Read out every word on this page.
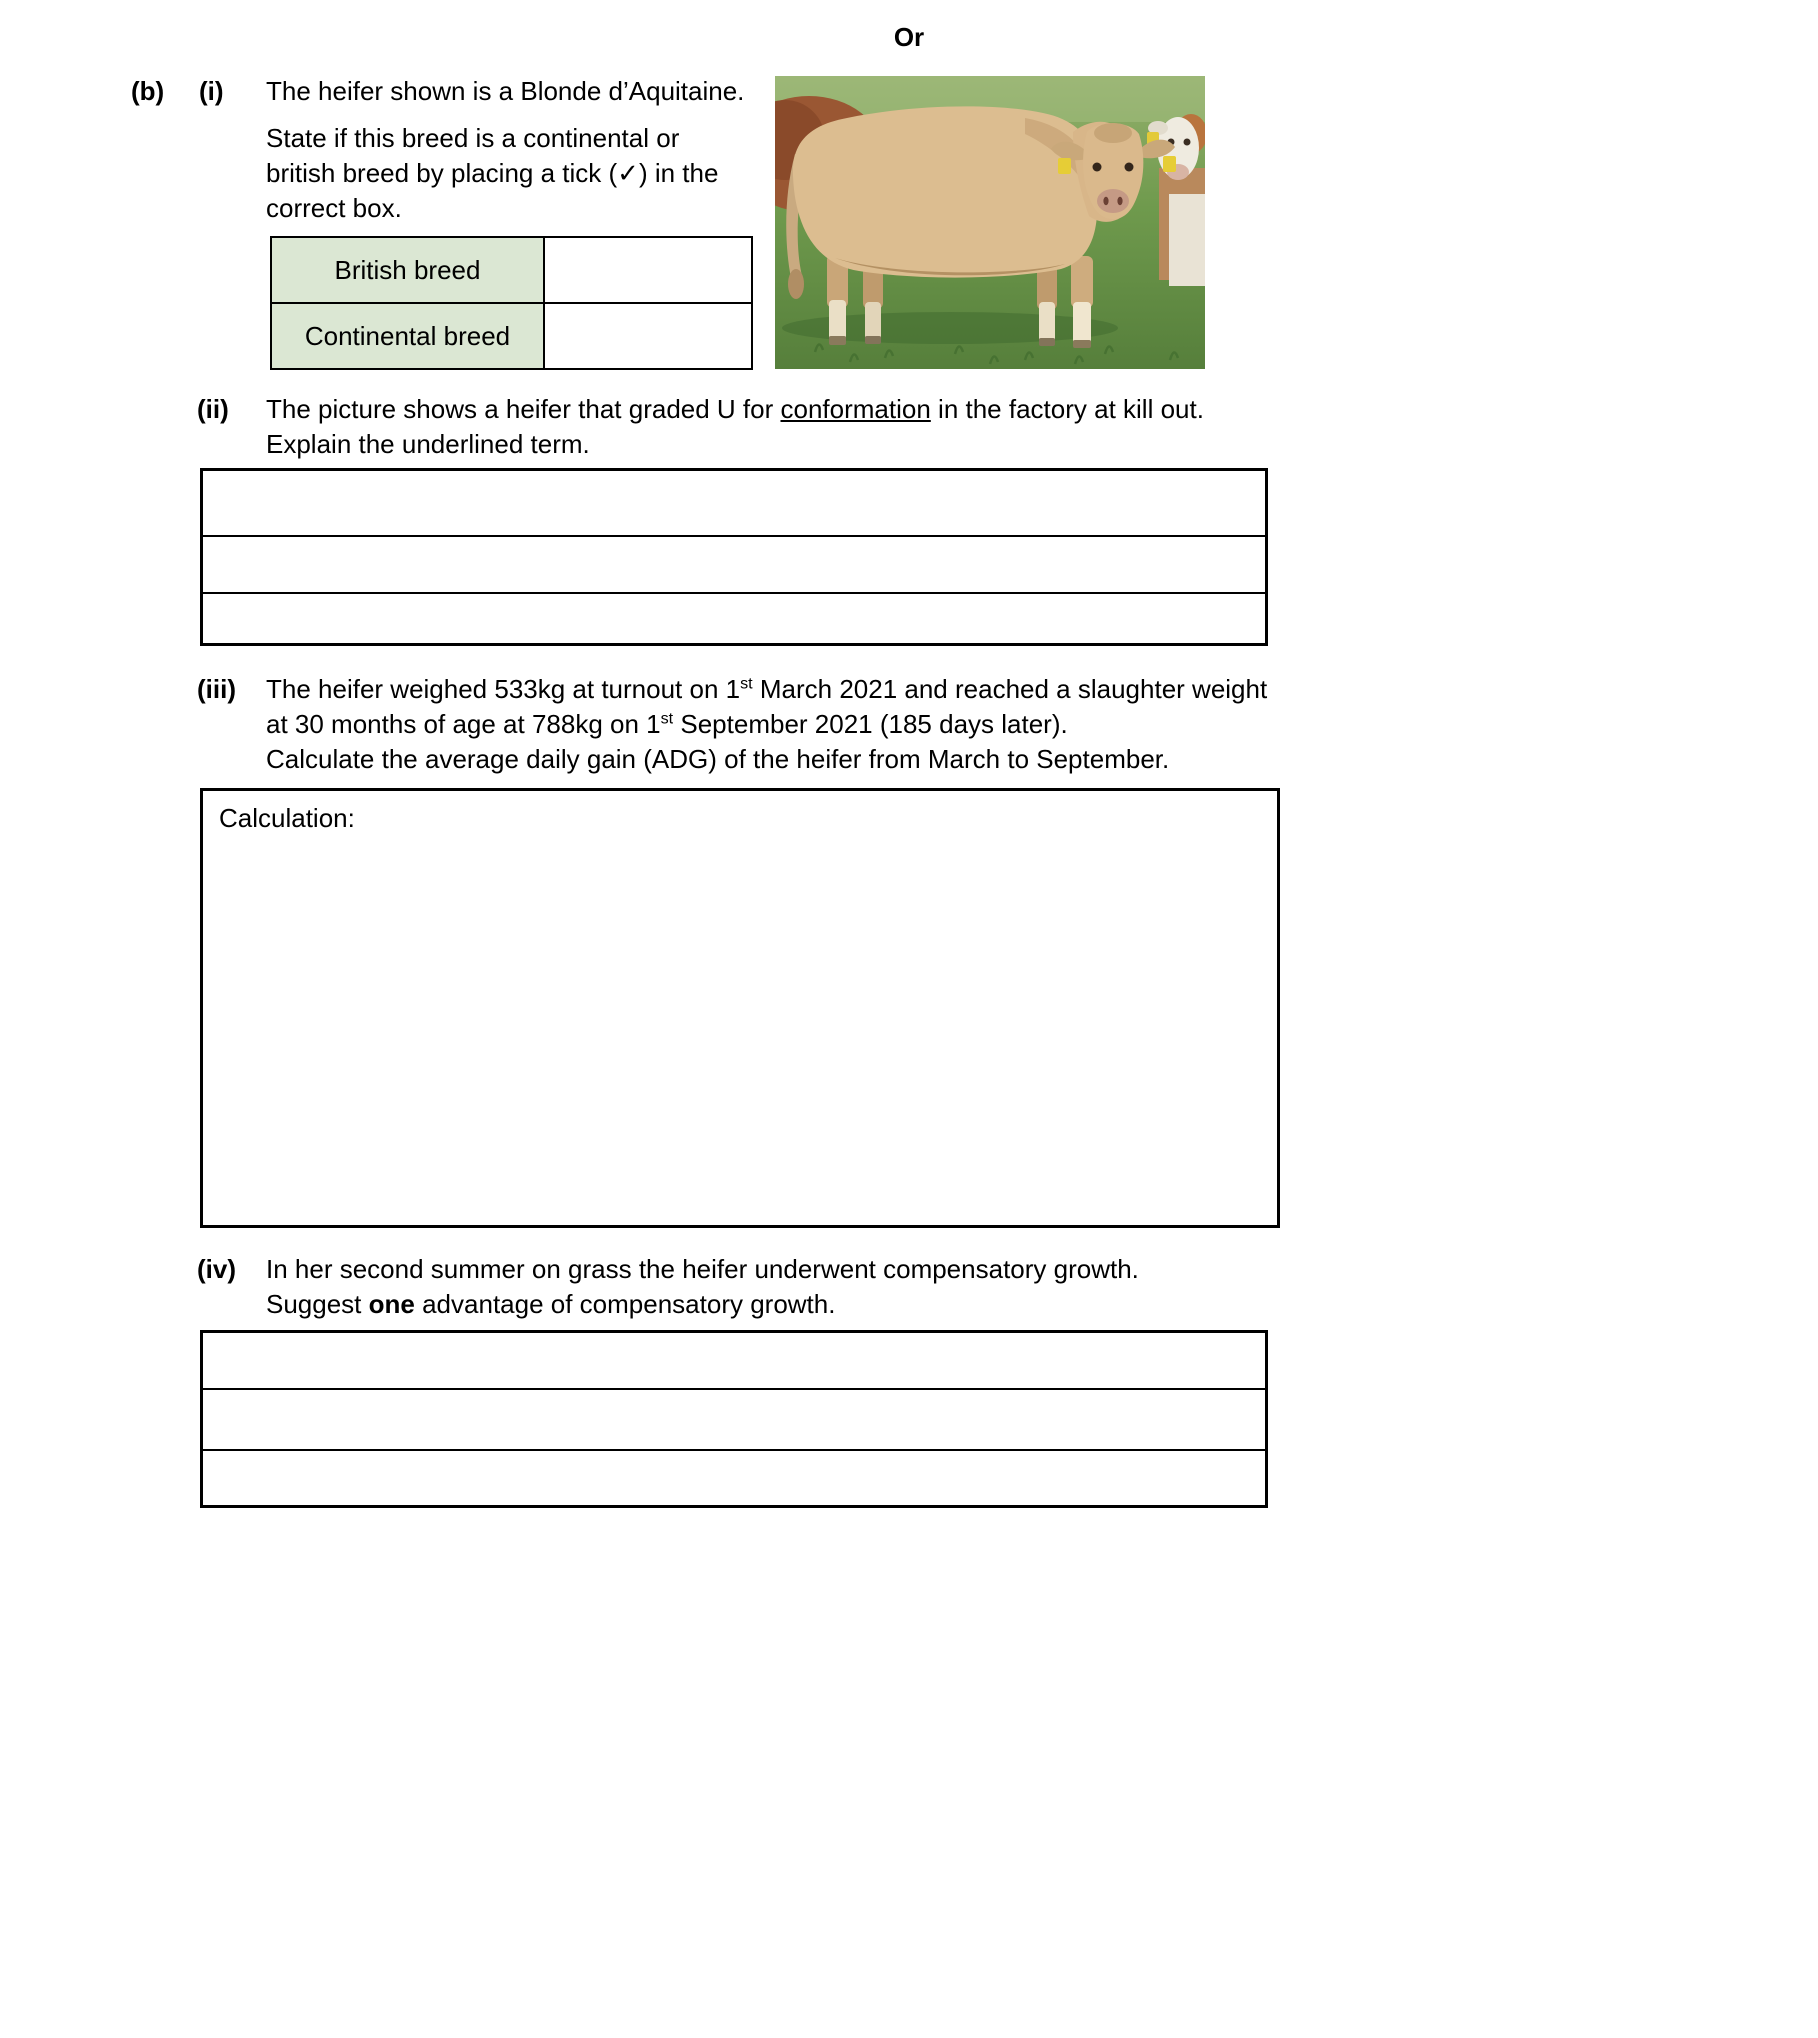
Or
(b) (i) The heifer shown is a Blonde d’Aquitaine.
State if this breed is a continental or
british breed by placing a tick (✓) in the
correct box.
British breed
Continental breed
(ii) The picture shows a heifer that graded U for conformation in the factory at kill out.
Explain the underlined term.
(iii) The heifer weighed 533kg at turnout on 1st March 2021 and reached a slaughter weight
at 30 months of age at 788kg on 1st September 2021 (185 days later).
Calculate the average daily gain (ADG) of the heifer from March to September.
Calculation:
(iv) In her second summer on grass the heifer underwent compensatory growth.
Suggest one advantage of compensatory growth.
